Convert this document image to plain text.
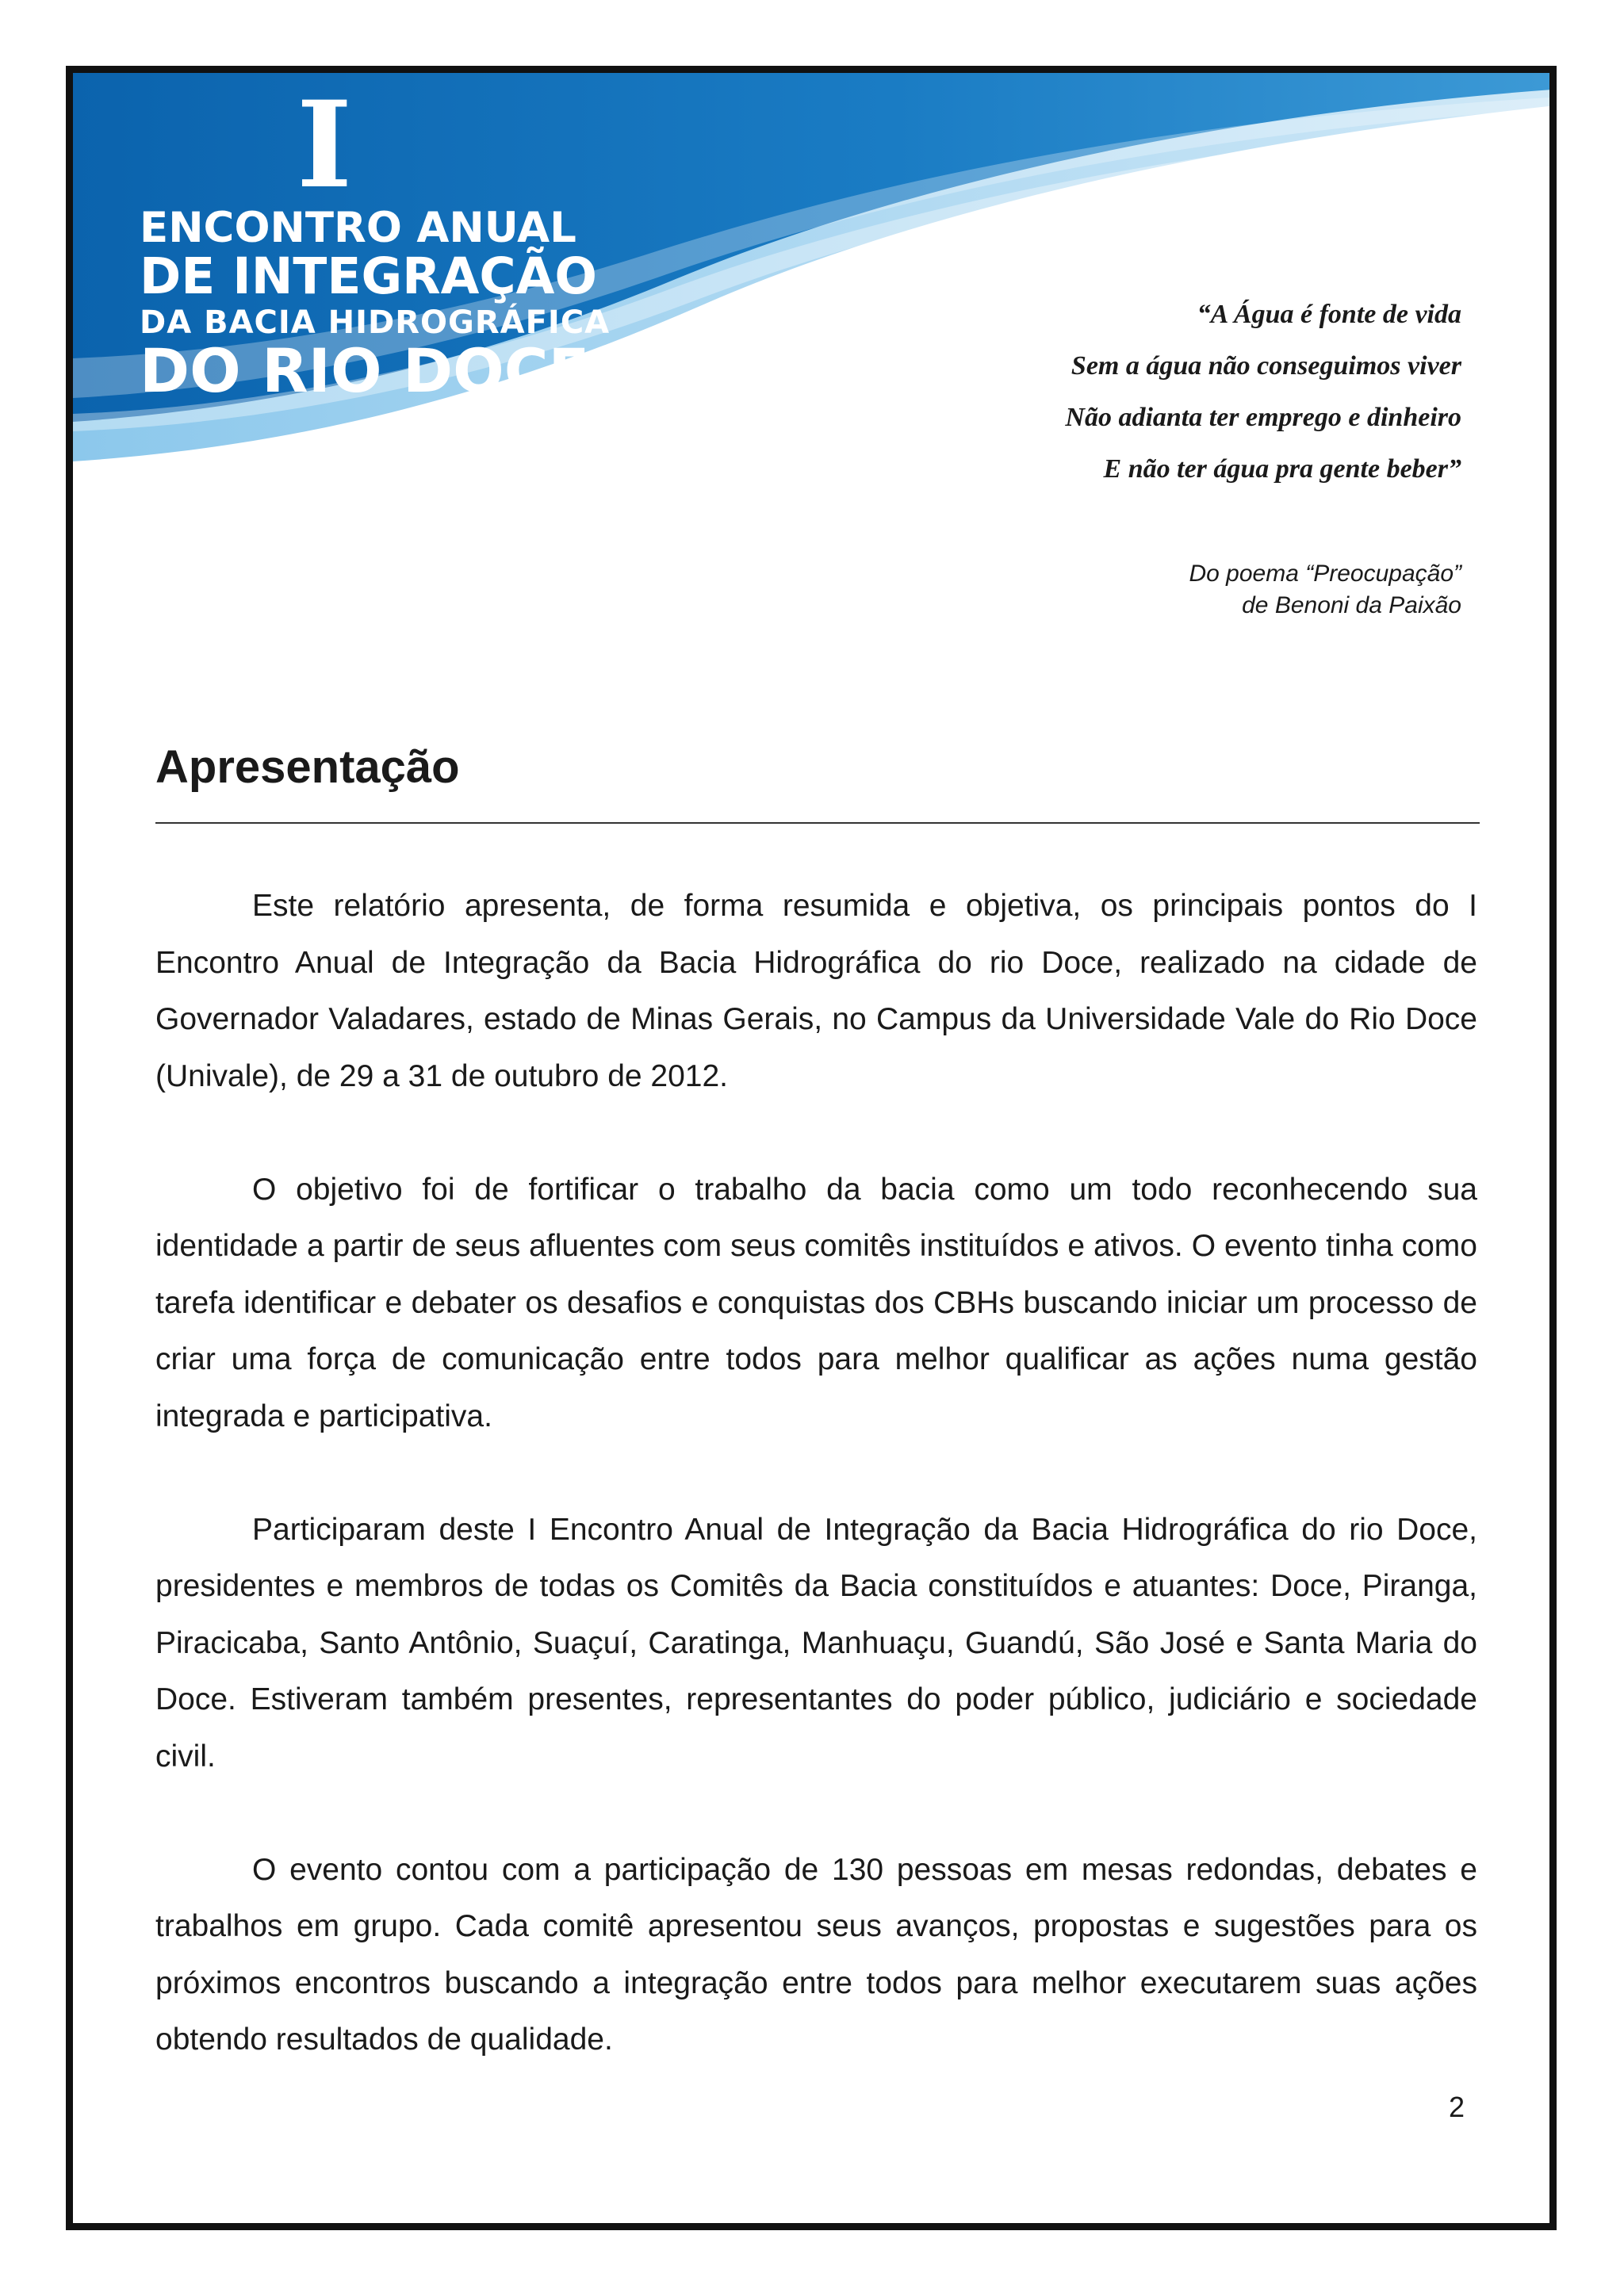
I
ENCONTRO ANUAL
DE INTEGRAÇÃO
DA BACIA HIDROGRÁFICA
DO RIO DOCE
“A Água é fonte de vida
Sem a água não conseguimos viver
Não adianta ter emprego e dinheiro
E não ter água pra gente beber”
Do poema “Preocupação”
de Benoni da Paixão
Apresentação

Este relatório apresenta, de forma resumida e objetiva, os principais pontos do I Encontro Anual de Integração da Bacia Hidrográfica do rio Doce, realizado na cidade de Governador Valadares, estado de Minas Gerais, no Campus da Universidade Vale do Rio Doce (Univale), de 29 a 31 de outubro de 2012.

O objetivo foi de fortificar o trabalho da bacia como um todo reconhecendo sua identidade a partir de seus afluentes com seus comitês instituídos e ativos. O evento tinha como tarefa identificar e debater os desafios e conquistas dos CBHs buscando iniciar um processo de criar uma força de comunicação entre todos para melhor qualificar as ações numa gestão integrada e participativa.

Participaram deste I Encontro Anual de Integração da Bacia Hidrográfica do rio Doce, presidentes e membros de todas os Comitês da Bacia constituídos e atuantes: Doce, Piranga, Piracicaba, Santo Antônio, Suaçuí, Caratinga, Manhuaçu, Guandú, São José e Santa Maria do Doce. Estiveram também presentes, representantes do poder público, judiciário e sociedade civil.

O evento contou com a participação de 130 pessoas em mesas redondas, debates e trabalhos em grupo. Cada comitê apresentou seus avanços, propostas e sugestões para os próximos encontros buscando a integração entre todos para melhor executarem suas ações obtendo resultados de qualidade.

2
